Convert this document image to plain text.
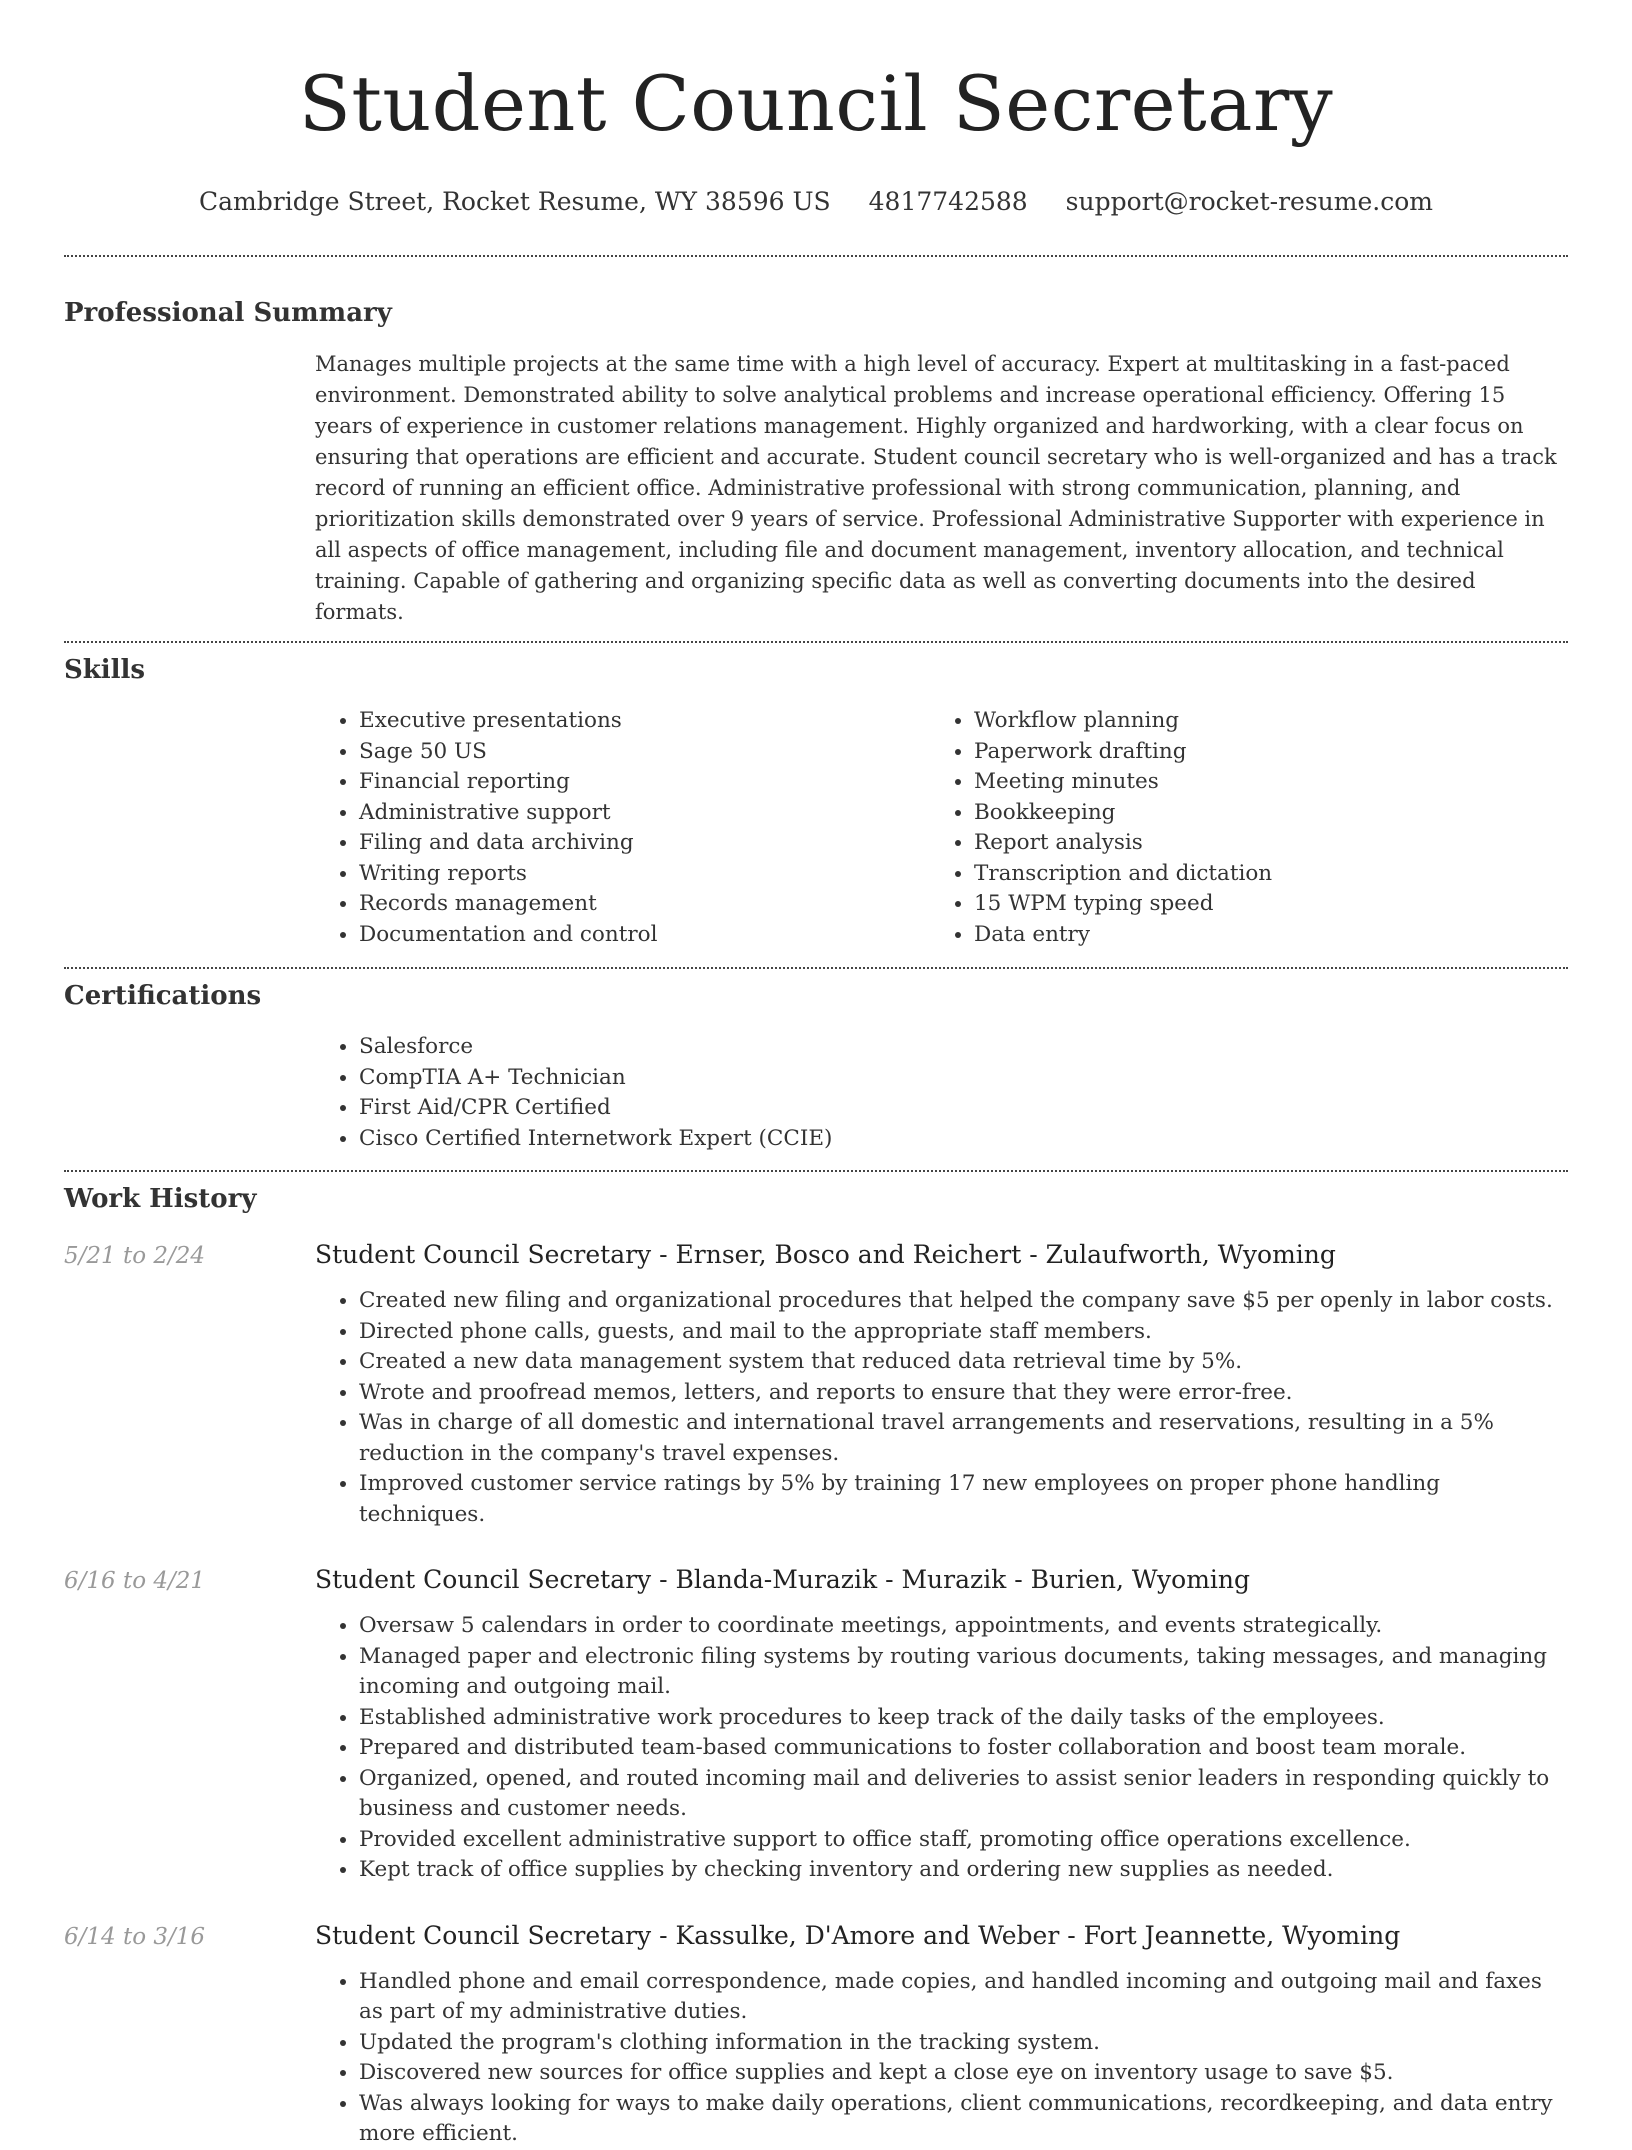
Student Council Secretary
Cambridge Street, Rocket Resume, WY 38596 US 4817742588 support@rocket-resume.com
Professional Summary

Manages multiple projects at the same time with a high level of accuracy. Expert at multitasking in a fast-paced environment. Demonstrated ability to solve analytical problems and increase operational efficiency. Offering 15 years of experience in customer relations management. Highly organized and hardworking, with a clear focus on ensuring that operations are efficient and accurate. Student council secretary who is well-organized and has a track record of running an efficient office. Administrative professional with strong communication, planning, and prioritization skills demonstrated over 9 years of service. Professional Administrative Supporter with experience in all aspects of office management, including file and document management, inventory allocation, and technical training. Capable of gathering and organizing specific data as well as converting documents into the desired formats.

Skills
• Executive presentations
• Sage 50 US
• Financial reporting
• Administrative support
• Filing and data archiving
• Writing reports
• Records management
• Documentation and control
• Workflow planning
• Paperwork drafting
• Meeting minutes
• Bookkeeping
• Report analysis
• Transcription and dictation
• 15 WPM typing speed
• Data entry
Certifications
• Salesforce
• CompTIA A+ Technician
• First Aid/CPR Certified
• Cisco Certified Internetwork Expert (CCIE)
Work History
5/21 to 2/24	Student Council Secretary - Ernser, Bosco and Reichert - Zulaufworth, Wyoming
• Created new filing and organizational procedures that helped the company save $5 per openly in labor costs.
• Directed phone calls, guests, and mail to the appropriate staff members.
• Created a new data management system that reduced data retrieval time by 5%.
• Wrote and proofread memos, letters, and reports to ensure that they were error-free.
• Was in charge of all domestic and international travel arrangements and reservations, resulting in a 5% reduction in the company's travel expenses.
• Improved customer service ratings by 5% by training 17 new employees on proper phone handling techniques.
6/16 to 4/21	Student Council Secretary - Blanda-Murazik - Murazik - Burien, Wyoming
• Oversaw 5 calendars in order to coordinate meetings, appointments, and events strategically.
• Managed paper and electronic filing systems by routing various documents, taking messages, and managing incoming and outgoing mail.
• Established administrative work procedures to keep track of the daily tasks of the employees.
• Prepared and distributed team-based communications to foster collaboration and boost team morale.
• Organized, opened, and routed incoming mail and deliveries to assist senior leaders in responding quickly to business and customer needs.
• Provided excellent administrative support to office staff, promoting office operations excellence.
• Kept track of office supplies by checking inventory and ordering new supplies as needed.
6/14 to 3/16	Student Council Secretary - Kassulke, D'Amore and Weber - Fort Jeannette, Wyoming
• Handled phone and email correspondence, made copies, and handled incoming and outgoing mail and faxes as part of my administrative duties.
• Updated the program's clothing information in the tracking system.
• Discovered new sources for office supplies and kept a close eye on inventory usage to save $5.
• Was always looking for ways to make daily operations, client communications, recordkeeping, and data entry more efficient.
